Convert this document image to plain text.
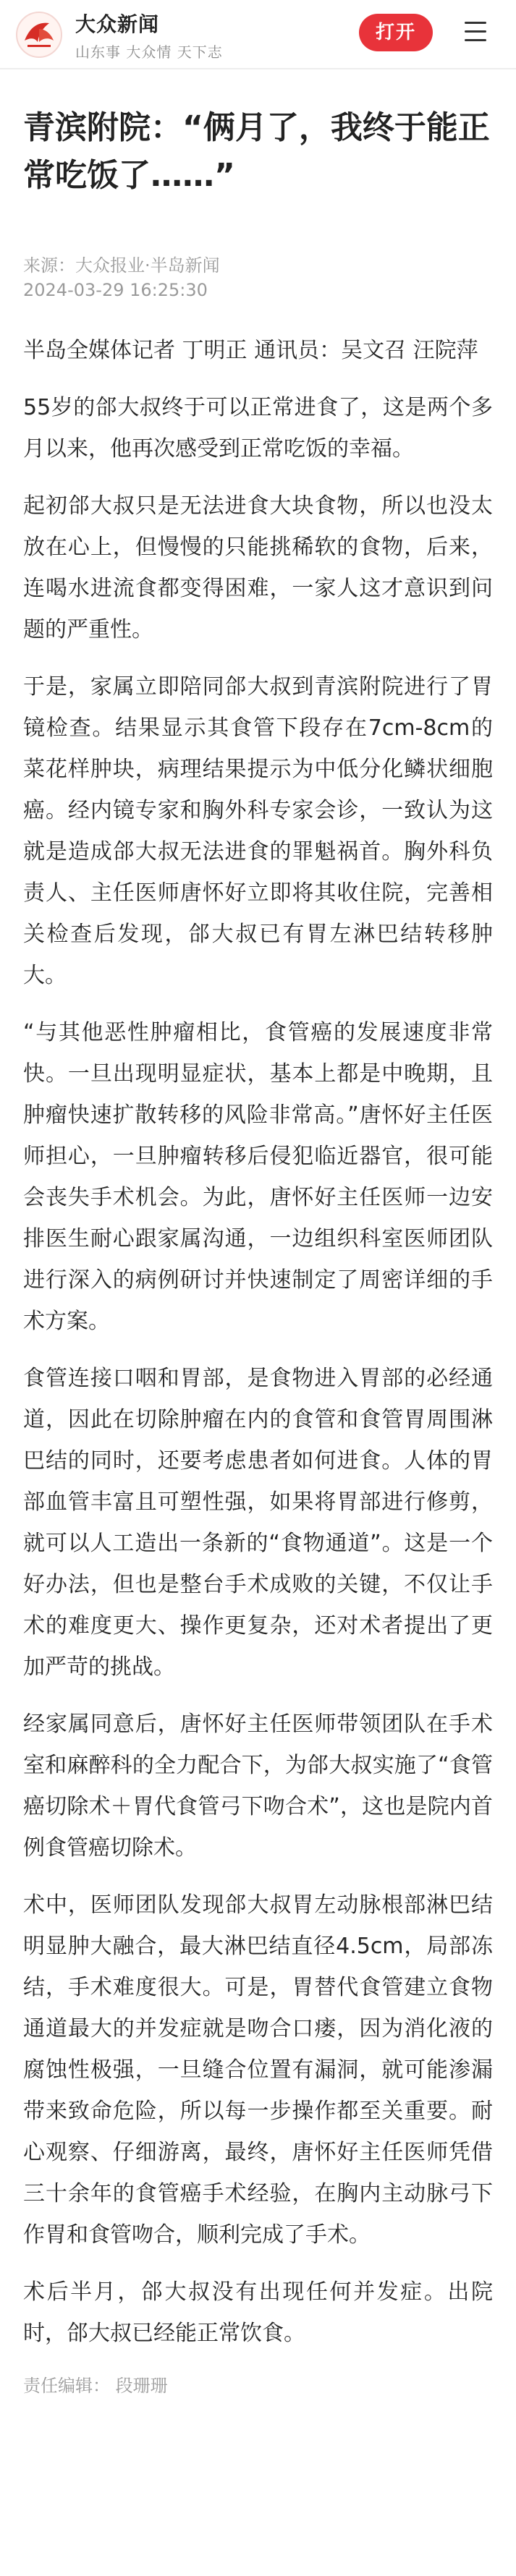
大众新闻
山东事 大众情 天下志
打开
青滨附院：“俩月了，我终于能正常吃饭了……”
来源：大众报业·半岛新闻
2024-03-29 16:25:30

半岛全媒体记者 丁明正 通讯员：吴文召 汪院萍

55岁的郃大叔终于可以正常进食了，这是两个多月以来，他再次感受到正常吃饭的幸福。

起初郃大叔只是无法进食大块食物，所以也没太放在心上，但慢慢的只能挑稀软的食物，后来，连喝水进流食都变得困难，一家人这才意识到问题的严重性。

于是，家属立即陪同郃大叔到青滨附院进行了胃镜检查。结果显示其食管下段存在7cm-8cm的菜花样肿块，病理结果提示为中低分化鳞状细胞癌。经内镜专家和胸外科专家会诊，一致认为这就是造成郃大叔无法进食的罪魁祸首。胸外科负责人、主任医师唐怀好立即将其收住院，完善相关检查后发现，郃大叔已有胃左淋巴结转移肿大。

“与其他恶性肿瘤相比，食管癌的发展速度非常快。一旦出现明显症状，基本上都是中晚期，且肿瘤快速扩散转移的风险非常高。”唐怀好主任医师担心，一旦肿瘤转移后侵犯临近器官，很可能会丧失手术机会。为此，唐怀好主任医师一边安排医生耐心跟家属沟通，一边组织科室医师团队进行深入的病例研讨并快速制定了周密详细的手术方案。

食管连接口咽和胃部，是食物进入胃部的必经通道，因此在切除肿瘤在内的食管和食管胃周围淋巴结的同时，还要考虑患者如何进食。人体的胃部血管丰富且可塑性强，如果将胃部进行修剪，就可以人工造出一条新的“食物通道”。这是一个好办法，但也是整台手术成败的关键，不仅让手术的难度更大、操作更复杂，还对术者提出了更加严苛的挑战。

经家属同意后，唐怀好主任医师带领团队在手术室和麻醉科的全力配合下，为郃大叔实施了“食管癌切除术＋胃代食管弓下吻合术”，这也是院内首例食管癌切除术。

术中，医师团队发现郃大叔胃左动脉根部淋巴结明显肿大融合，最大淋巴结直径4.5cm，局部冻结，手术难度很大。可是，胃替代食管建立食物通道最大的并发症就是吻合口瘘，因为消化液的腐蚀性极强，一旦缝合位置有漏洞，就可能渗漏带来致命危险，所以每一步操作都至关重要。耐心观察、仔细游离，最终，唐怀好主任医师凭借三十余年的食管癌手术经验，在胸内主动脉弓下作胃和食管吻合，顺利完成了手术。

术后半月，郃大叔没有出现任何并发症。出院时，郃大叔已经能正常饮食。

责任编辑： 段珊珊
